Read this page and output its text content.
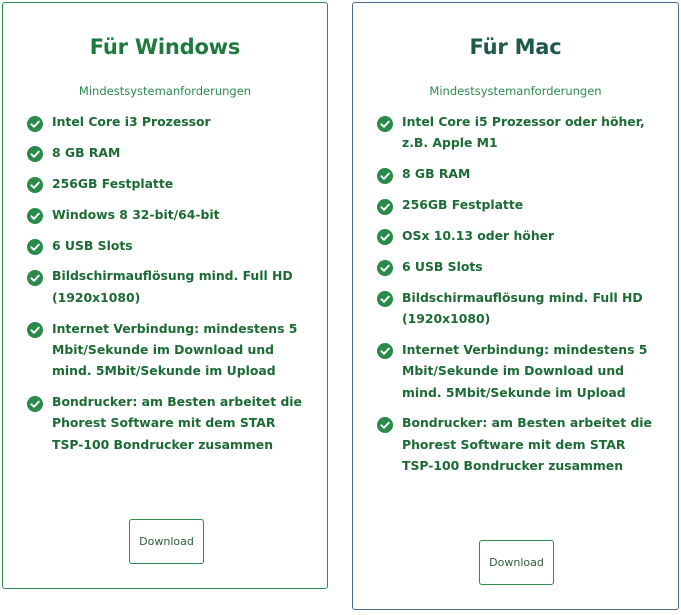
Für Windows
Mindestsystemanforderungen
Intel Core i3 Prozessor
8 GB RAM
256GB Festplatte
Windows 8 32-bit/64-bit
6 USB Slots
Bildschirmauflösung mind. Full HD (1920x1080)
Internet Verbindung: mindestens 5 Mbit/Sekunde im Download und mind. 5Mbit/Sekunde im Upload
Bondrucker: am Besten arbeitet die Phorest Software mit dem STAR TSP-100 Bondrucker zusammen
Download
Für Mac
Mindestsystemanforderungen
Intel Core i5 Prozessor oder höher, z.B. Apple M1
8 GB RAM
256GB Festplatte
OSx 10.13 oder höher
6 USB Slots
Bildschirmauflösung mind. Full HD (1920x1080)
Internet Verbindung: mindestens 5 Mbit/Sekunde im Download und mind. 5Mbit/Sekunde im Upload
Bondrucker: am Besten arbeitet die Phorest Software mit dem STAR TSP-100 Bondrucker zusammen
Download
